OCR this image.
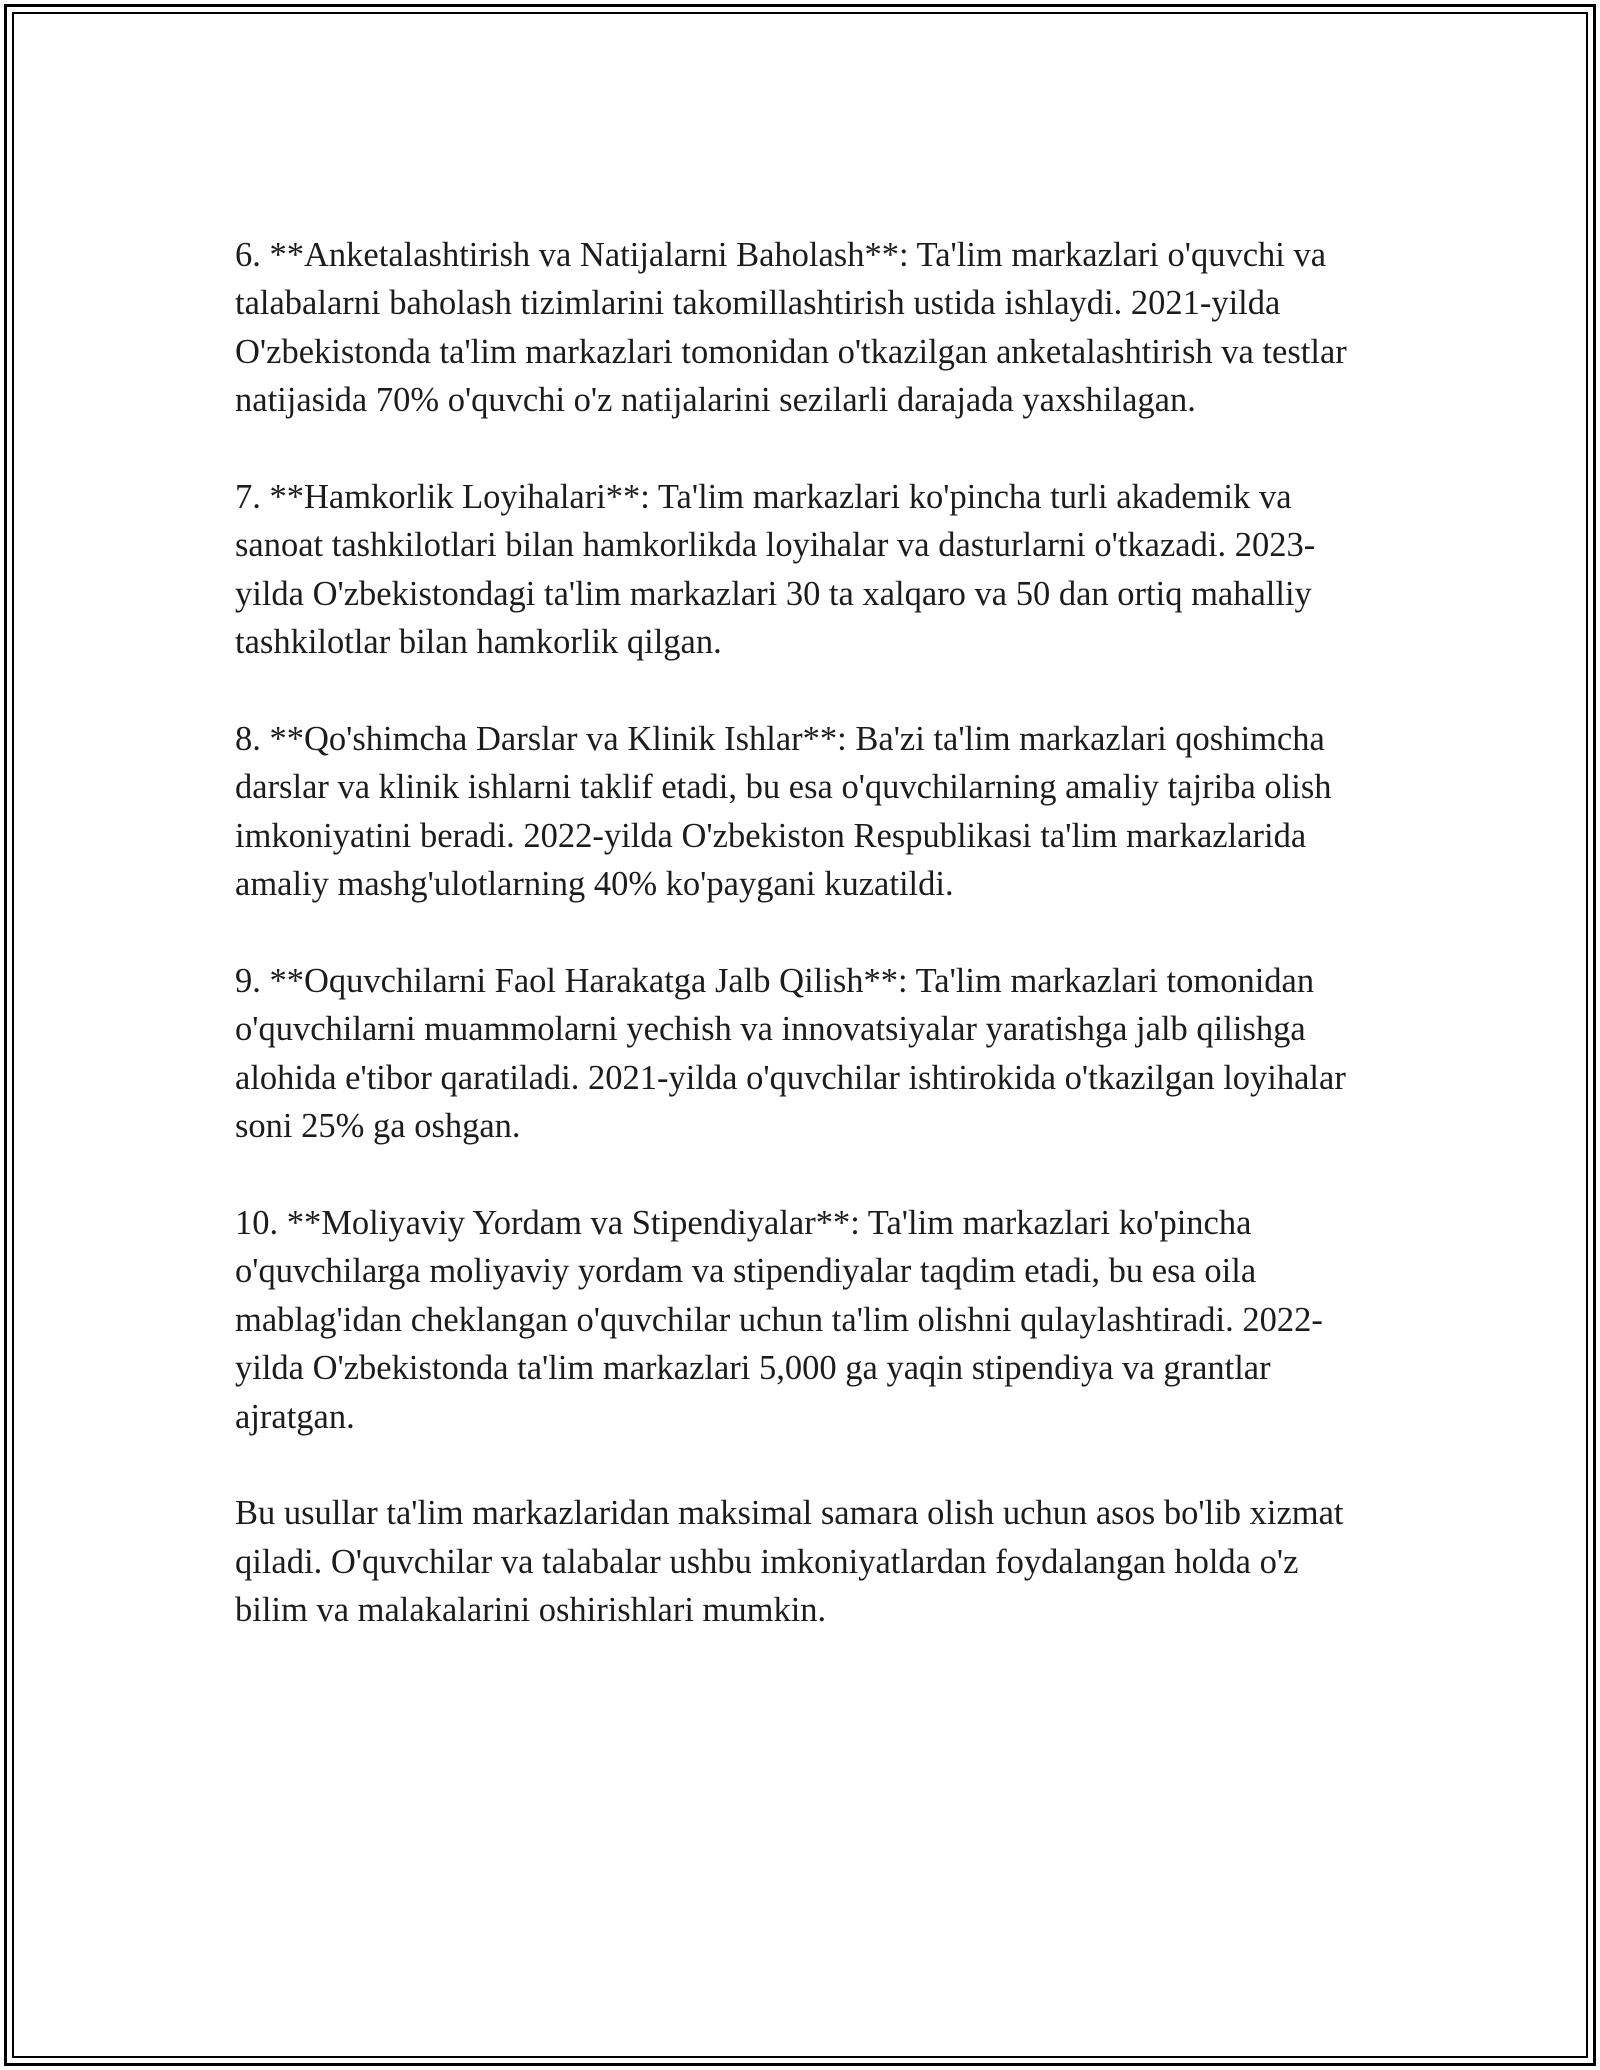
6. **Anketalashtirish va Natijalarni Baholash**: Ta'lim markazlari o'quvchi va talabalarni baholash tizimlarini takomillashtirish ustida ishlaydi. 2021-yilda O'zbekistonda ta'lim markazlari tomonidan o'tkazilgan anketalashtirish va testlar natijasida 70% o'quvchi o'z natijalarini sezilarli darajada yaxshilagan.

7. **Hamkorlik Loyihalari**: Ta'lim markazlari ko'pincha turli akademik va sanoat tashkilotlari bilan hamkorlikda loyihalar va dasturlarni o'tkazadi. 2023-yilda O'zbekistondagi ta'lim markazlari 30 ta xalqaro va 50 dan ortiq mahalliy tashkilotlar bilan hamkorlik qilgan.

8. **Qo'shimcha Darslar va Klinik Ishlar**: Ba'zi ta'lim markazlari qoshimcha darslar va klinik ishlarni taklif etadi, bu esa o'quvchilarning amaliy tajriba olish imkoniyatini beradi. 2022-yilda O'zbekiston Respublikasi ta'lim markazlarida amaliy mashg'ulotlarning 40% ko'paygani kuzatildi.

9. **Oquvchilarni Faol Harakatga Jalb Qilish**: Ta'lim markazlari tomonidan o'quvchilarni muammolarni yechish va innovatsiyalar yaratishga jalb qilishga alohida e'tibor qaratiladi. 2021-yilda o'quvchilar ishtirokida o'tkazilgan loyihalar soni 25% ga oshgan.

10. **Moliyaviy Yordam va Stipendiyalar**: Ta'lim markazlari ko'pincha o'quvchilarga moliyaviy yordam va stipendiyalar taqdim etadi, bu esa oila mablag'idan cheklangan o'quvchilar uchun ta'lim olishni qulaylashtiradi. 2022-yilda O'zbekistonda ta'lim markazlari 5,000 ga yaqin stipendiya va grantlar ajratgan.

Bu usullar ta'lim markazlaridan maksimal samara olish uchun asos bo'lib xizmat qiladi. O'quvchilar va talabalar ushbu imkoniyatlardan foydalangan holda o'z bilim va malakalarini oshirishlari mumkin.
